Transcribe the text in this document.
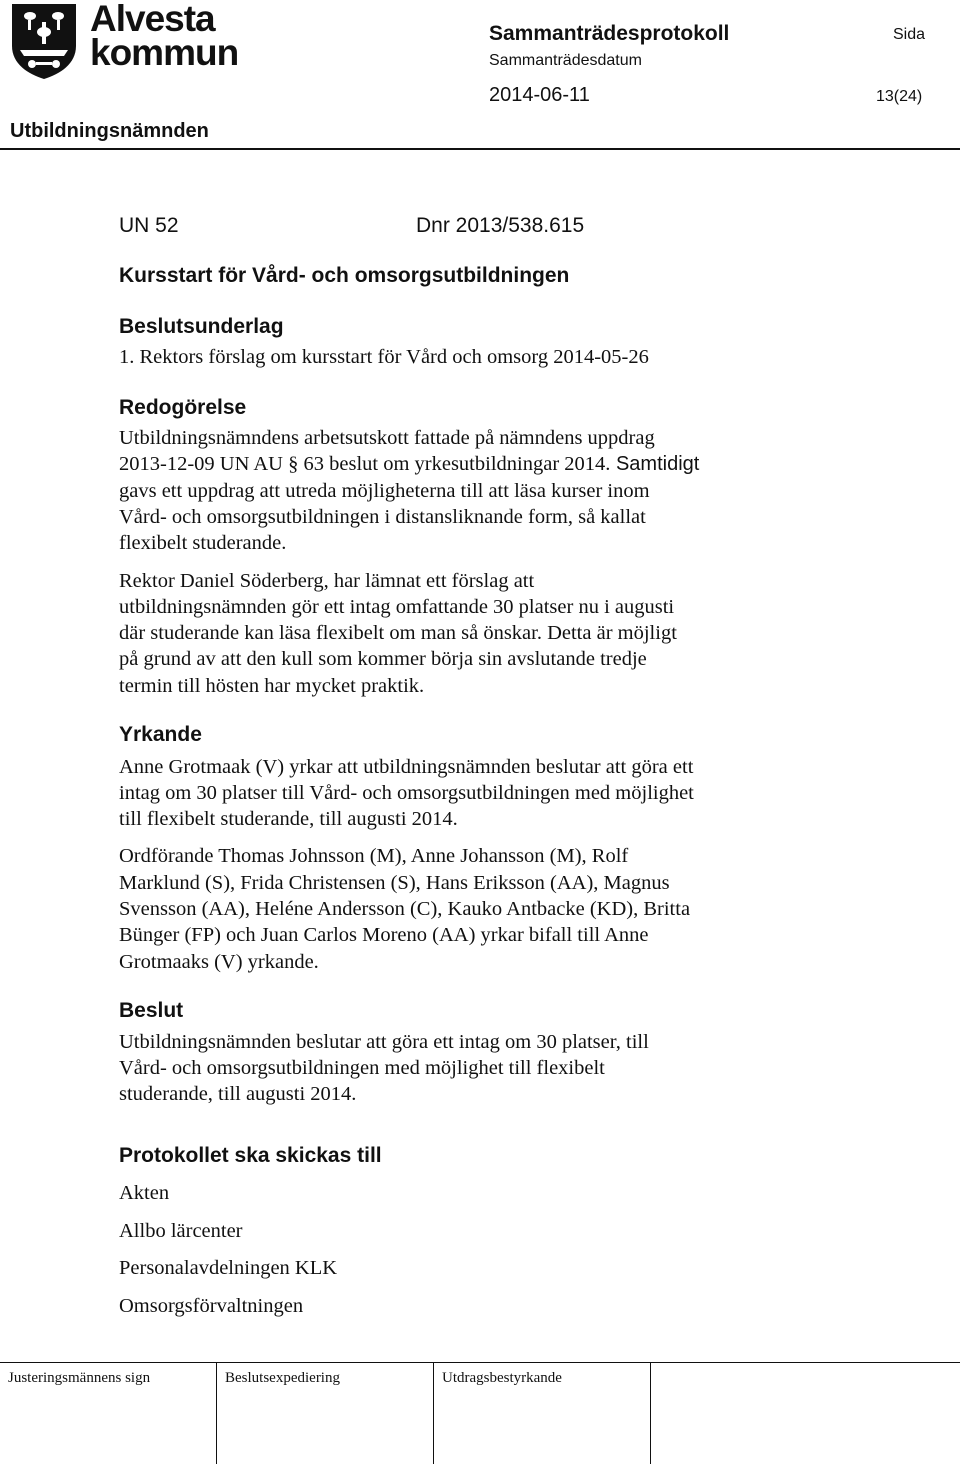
Alvesta
kommun	Sammanträdesprotokoll	Sida
Sammanträdesdatum
2014-06-11	13(24)
Utbildningsnämnden
UN 52	Dnr 2013/538.615
Kursstart för Vård- och omsorgsutbildningen
Beslutsunderlag
1. Rektors förslag om kursstart för Vård och omsorg 2014-05-26
Redogörelse
Utbildningsnämndens arbetsutskott fattade på nämndens uppdrag
2013-12-09 UN AU § 63 beslut om yrkesutbildningar 2014. Samtidigt
gavs ett uppdrag att utreda möjligheterna till att läsa kurser inom
Vård- och omsorgsutbildningen i distansliknande form, så kallat
flexibelt studerande.
Rektor Daniel Söderberg, har lämnat ett förslag att
utbildningsnämnden gör ett intag omfattande 30 platser nu i augusti
där studerande kan läsa flexibelt om man så önskar. Detta är möjligt
på grund av att den kull som kommer börja sin avslutande tredje
termin till hösten har mycket praktik.
Yrkande
Anne Grotmaak (V) yrkar att utbildningsnämnden beslutar att göra ett
intag om 30 platser till Vård- och omsorgsutbildningen med möjlighet
till flexibelt studerande, till augusti 2014.
Ordförande Thomas Johnsson (M), Anne Johansson (M), Rolf
Marklund (S), Frida Christensen (S), Hans Eriksson (AA), Magnus
Svensson (AA), Heléne Andersson (C), Kauko Antbacke (KD), Britta
Bünger (FP) och Juan Carlos Moreno (AA) yrkar bifall till Anne
Grotmaaks (V) yrkande.
Beslut
Utbildningsnämnden beslutar att göra ett intag om 30 platser, till
Vård- och omsorgsutbildningen med möjlighet till flexibelt
studerande, till augusti 2014.
Protokollet ska skickas till
Akten
Allbo lärcenter
Personalavdelningen KLK
Omsorgsförvaltningen
Justeringsmännens sign	Beslutsexpediering	Utdragsbestyrkande
